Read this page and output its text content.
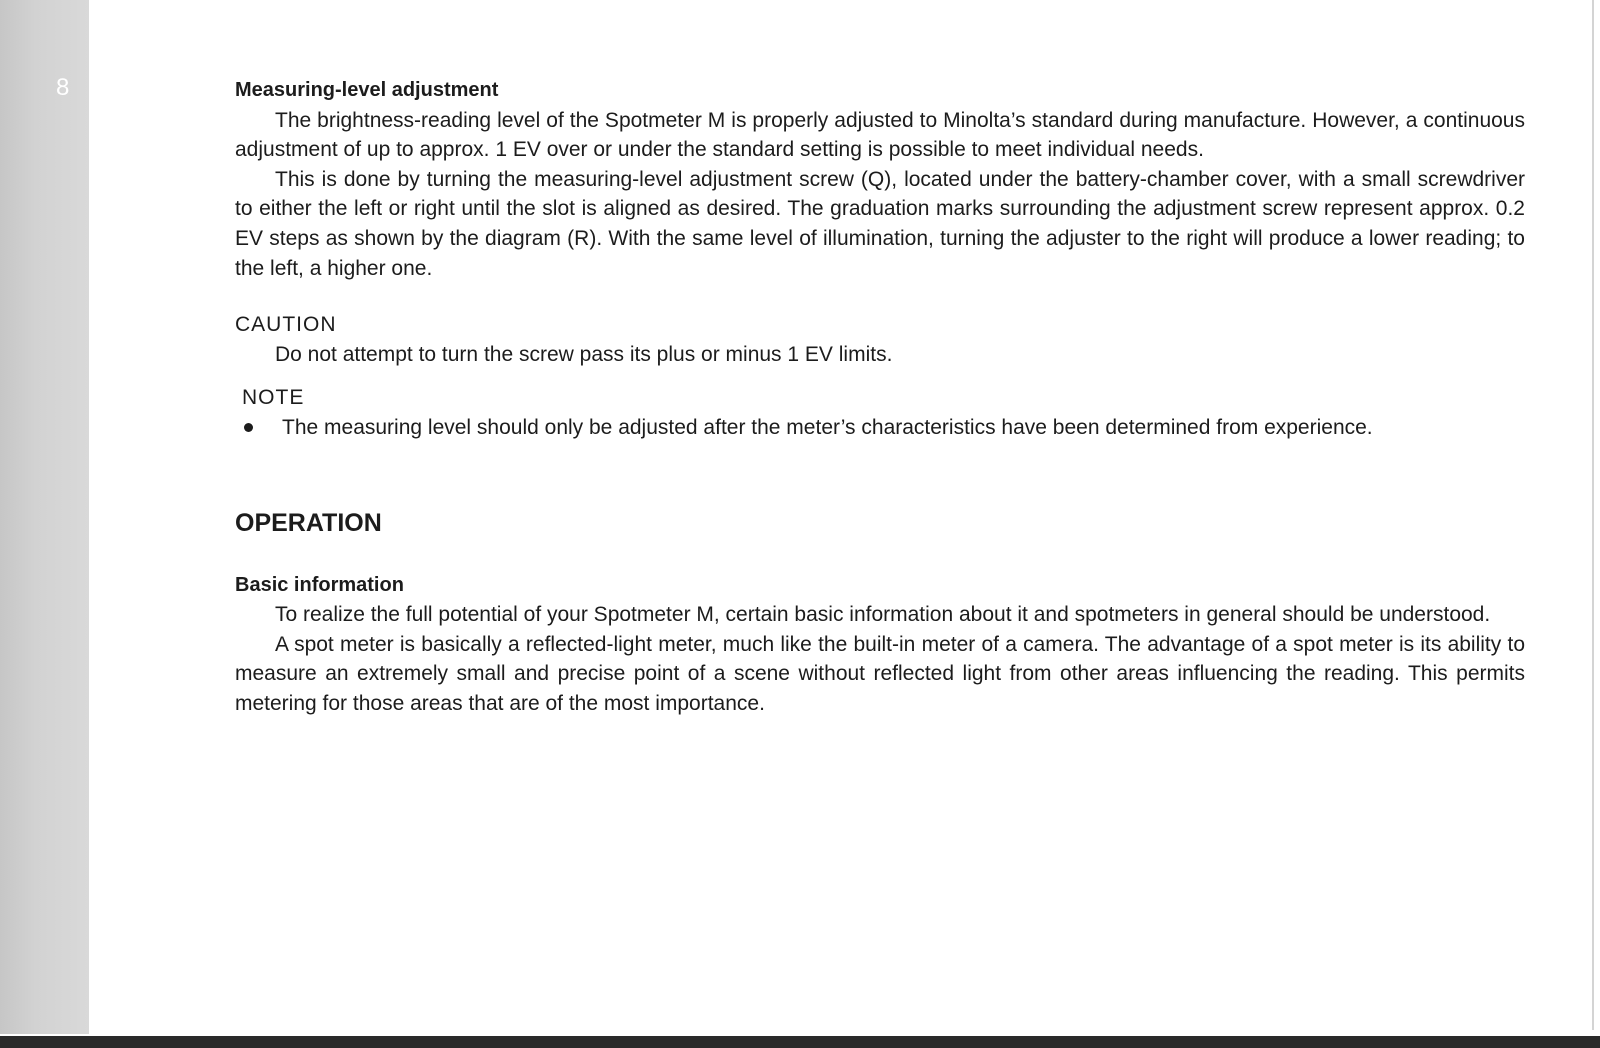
8	Measuring-level adjustment

The brightness-reading level of the Spotmeter M is properly adjusted to Minolta’s standard during manufacture. However, a continuous adjustment of up to approx. 1 EV over or under the standard setting is possible to meet individual needs.

This is done by turning the measuring-level adjustment screw (Q), located under the battery-chamber cover, with a small screwdriver to either the left or right until the slot is aligned as desired. The graduation marks surrounding the adjustment screw represent approx. 0.2 EV steps as shown by the diagram (R). With the same level of illumination, turning the adjuster to the right will produce a lower reading; to the left, a higher one.

CAUTION

Do not attempt to turn the screw pass its plus or minus 1 EV limits.

NOTE

The measuring level should only be adjusted after the meter’s characteristics have been determined from experience.

OPERATION

Basic information

To realize the full potential of your Spotmeter M, certain basic information about it and spotmeters in general should be understood.

A spot meter is basically a reflected-light meter, much like the built-in meter of a camera. The advantage of a spot meter is its ability to measure an extremely small and precise point of a scene without reflected light from other areas influencing the reading. This permits metering for those areas that are of the most importance.
